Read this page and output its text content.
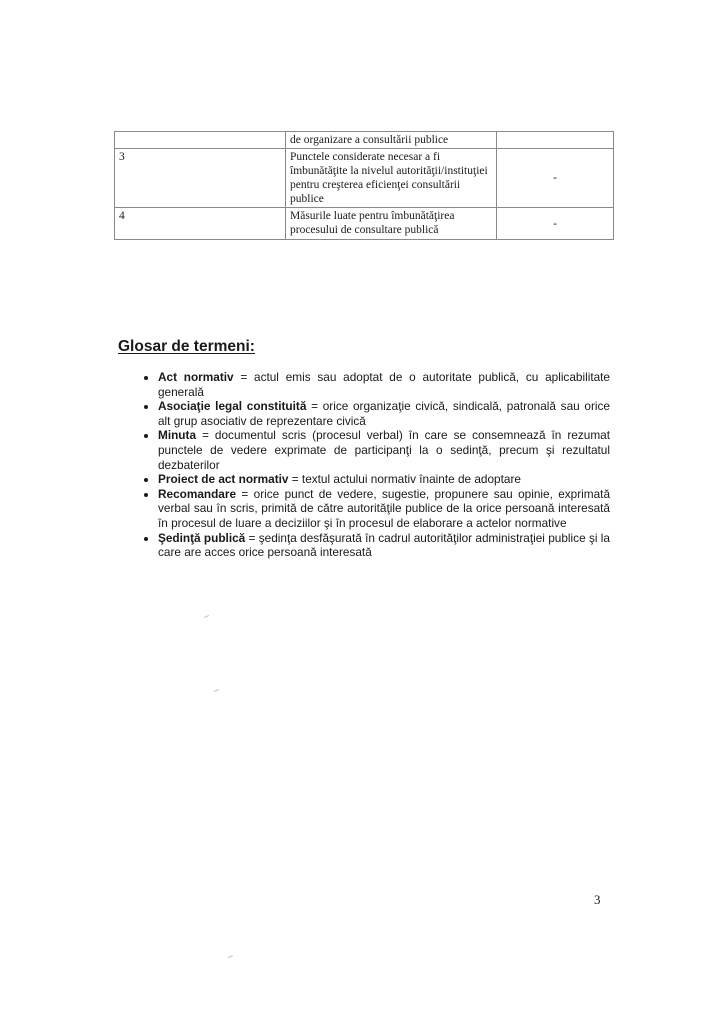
	de organizare a consultării publice	
3	Punctele considerate necesar a fi îmbunătăţite la nivelul autorităţii/instituţiei pentru creşterea eficienţei consultării publice	-
4	Măsurile luate pentru îmbunătăţirea procesului de consultare publică	-
Glosar de termeni:
• Act normativ = actul emis sau adoptat de o autoritate publică, cu aplicabilitate generală
• Asociaţie legal constituită = orice organizaţie civică, sindicală, patronală sau orice alt grup asociativ de reprezentare civică
• Minuta = documentul scris (procesul verbal) în care se consemnează în rezumat punctele de vedere exprimate de participanţi la o sedinţă, precum şi rezultatul dezbaterilor
• Proiect de act normativ = textul actului normativ înainte de adoptare
• Recomandare = orice punct de vedere, sugestie, propunere sau opinie, exprimată verbal sau în scris, primită de către autorităţile publice de la orice persoană interesată în procesul de luare a deciziilor şi în procesul de elaborare a actelor normative
• Şedinţă publică = şedinţa desfăşurată în cadrul autorităţilor administraţiei publice şi la care are acces orice persoană interesată
3
